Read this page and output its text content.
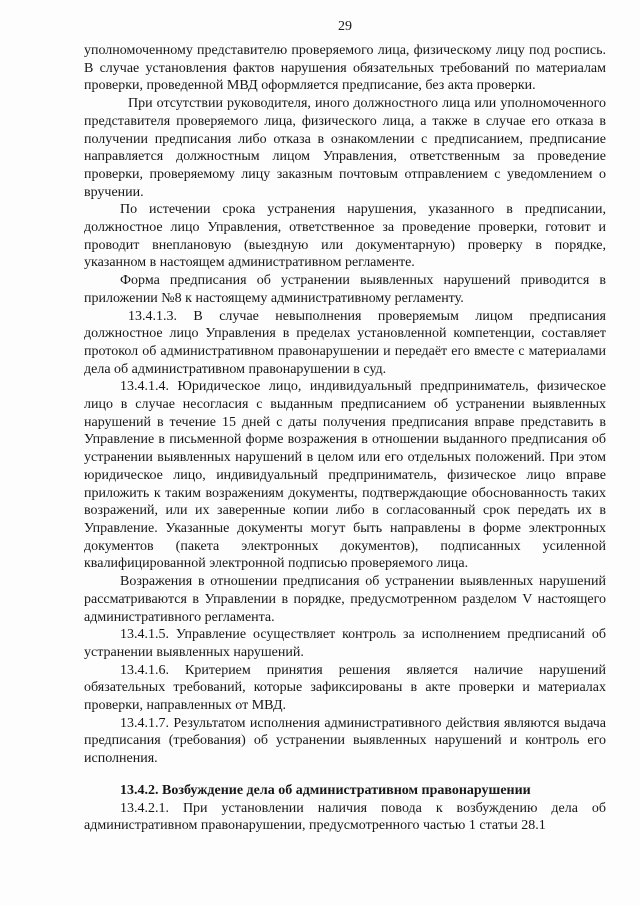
29

уполномоченному представителю проверяемого лица, физическому лицу под роспись. В случае установления фактов нарушения обязательных требований по материалам проверки, проведенной МВД оформляется предписание, без акта проверки.

При отсутствии руководителя, иного должностного лица или уполномоченного представителя проверяемого лица, физического лица, а также в случае его отказа в получении предписания либо отказа в ознакомлении с предписанием, предписание направляется должностным лицом Управления, ответственным за проведение проверки, проверяемому лицу заказным почтовым отправлением с уведомлением о вручении.

По истечении срока устранения нарушения, указанного в предписании, должностное лицо Управления, ответственное за проведение проверки, готовит и проводит внеплановую (выездную или документарную) проверку в порядке, указанном в настоящем административном регламенте.

Форма предписания об устранении выявленных нарушений приводится в приложении №8 к настоящему административному регламенту.

13.4.1.3. В случае невыполнения проверяемым лицом предписания должностное лицо Управления в пределах установленной компетенции, составляет протокол об административном правонарушении и передаёт его вместе с материалами дела об административном правонарушении в суд.

13.4.1.4. Юридическое лицо, индивидуальный предприниматель, физическое лицо в случае несогласия с выданным предписанием об устранении выявленных нарушений в течение 15 дней с даты получения предписания вправе представить в Управление в письменной форме возражения в отношении выданного предписания об устранении выявленных нарушений в целом или его отдельных положений. При этом юридическое лицо, индивидуальный предприниматель, физическое лицо вправе приложить к таким возражениям документы, подтверждающие обоснованность таких возражений, или их заверенные копии либо в согласованный срок передать их в Управление. Указанные документы могут быть направлены в форме электронных документов (пакета электронных документов), подписанных усиленной квалифицированной электронной подписью проверяемого лица.

Возражения в отношении предписания об устранении выявленных нарушений рассматриваются в Управлении в порядке, предусмотренном разделом V настоящего административного регламента.

13.4.1.5. Управление осуществляет контроль за исполнением предписаний об устранении выявленных нарушений.

13.4.1.6. Критерием принятия решения является наличие нарушений обязательных требований, которые зафиксированы в акте проверки и материалах проверки, направленных от МВД.

13.4.1.7. Результатом исполнения административного действия являются выдача предписания (требования) об устранении выявленных нарушений и контроль его исполнения.

13.4.2. Возбуждение дела об административном правонарушении

13.4.2.1. При установлении наличия повода к возбуждению дела об административном правонарушении, предусмотренного частью 1 статьи 28.1
